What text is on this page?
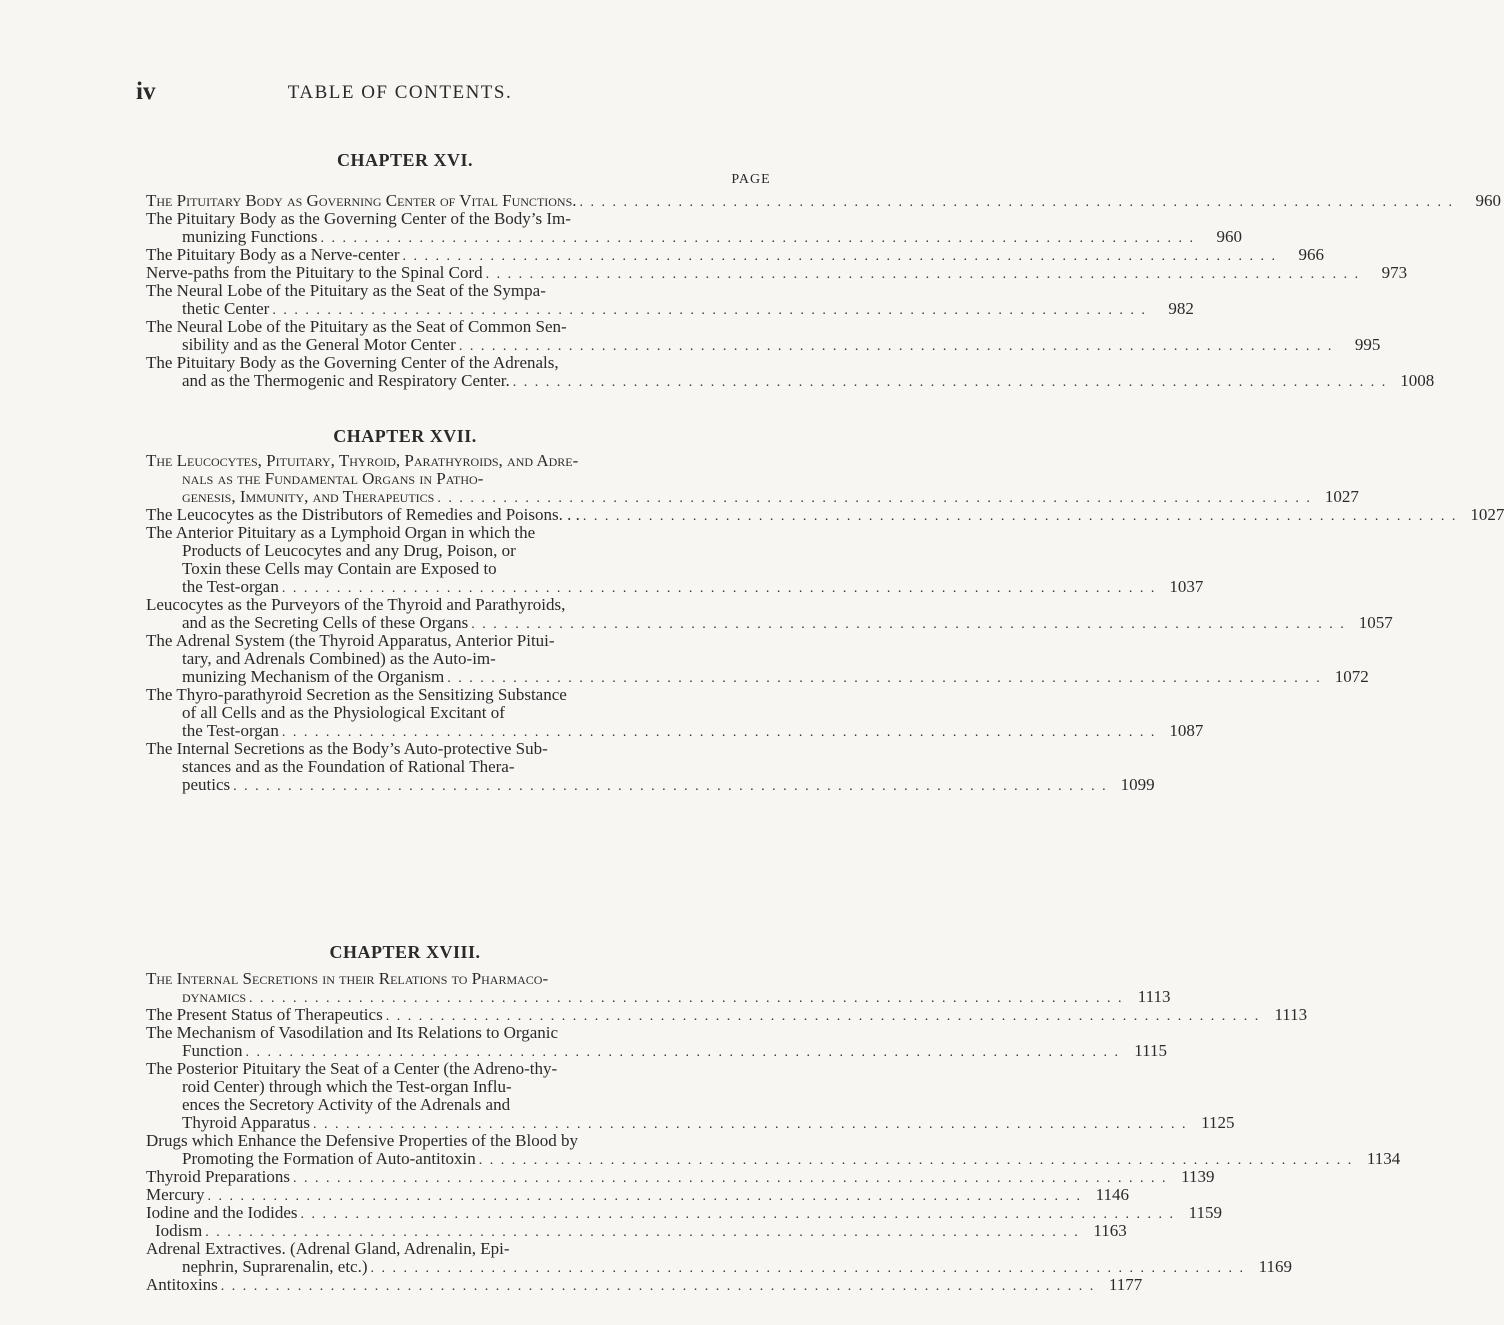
iv	TABLE OF CONTENTS.
CHAPTER XVI.
PAGE
The Pituitary Body as Governing Center of Vital Functions. . . . . . . . . . . . . . . . . . . . . . . . . . . . . . . . . . . . . . . . . . . . . . . . . . . . . . . . . . . . . . . . . . . . . . . . . . . . . . . . .	960
The Pituitary Body as the Governing Center of the Body’s Im-
munizing Functions . . . . . . . . . . . . . . . . . . . . . . . . . . . . . . . . . . . . . . . . . . . . . . . . . . . . . . . . . . . . . . . . . . . . . . . . . . . . . . . .	960
The Pituitary Body as a Nerve-center . . . . . . . . . . . . . . . . . . . . . . . . . . . . . . . . . . . . . . . . . . . . . . . . . . . . . . . . . . . . . . . . . . . . . . . . . . . . . . . .	966
Nerve-paths from the Pituitary to the Spinal Cord . . . . . . . . . . . . . . . . . . . . . . . . . . . . . . . . . . . . . . . . . . . . . . . . . . . . . . . . . . . . . . . . . . . . . . . . . . . . . . . .	973
The Neural Lobe of the Pituitary as the Seat of the Sympa-
thetic Center . . . . . . . . . . . . . . . . . . . . . . . . . . . . . . . . . . . . . . . . . . . . . . . . . . . . . . . . . . . . . . . . . . . . . . . . . . . . . . . .	982
The Neural Lobe of the Pituitary as the Seat of Common Sen-
sibility and as the General Motor Center . . . . . . . . . . . . . . . . . . . . . . . . . . . . . . . . . . . . . . . . . . . . . . . . . . . . . . . . . . . . . . . . . . . . . . . . . . . . . . . .	995
The Pituitary Body as the Governing Center of the Adrenals,
and as the Thermogenic and Respiratory Center. . . . . . . . . . . . . . . . . . . . . . . . . . . . . . . . . . . . . . . . . . . . . . . . . . . . . . . . . . . . . . . . . . . . . . . . . . . . . . . . . 1008
CHAPTER XVII.
The Leucocytes, Pituitary, Thyroid, Parathyroids, and Adre-
nals as the Fundamental Organs in Patho-
genesis, Immunity, and Therapeutics . . . . . . . . . . . . . . . . . . . . . . . . . . . . . . . . . . . . . . . . . . . . . . . . . . . . . . . . . . . . . . . . . . . . . . . . . . . . . . . . 1027
The Leucocytes as the Distributors of Remedies and Poisons. . . . . . . . . . . . . . . . . . . . . . . . . . . . . . . . . . . . . . . . . . . . . . . . . . . . . . . . . . . . . . . . . . . . . . . . . . . . . . . . . . . 1027
The Anterior Pituitary as a Lymphoid Organ in which the
Products of Leucocytes and any Drug, Poison, or
Toxin these Cells may Contain are Exposed to
the Test-organ . . . . . . . . . . . . . . . . . . . . . . . . . . . . . . . . . . . . . . . . . . . . . . . . . . . . . . . . . . . . . . . . . . . . . . . . . . . . . . . . 1037
Leucocytes as the Purveyors of the Thyroid and Parathyroids,
and as the Secreting Cells of these Organs . . . . . . . . . . . . . . . . . . . . . . . . . . . . . . . . . . . . . . . . . . . . . . . . . . . . . . . . . . . . . . . . . . . . . . . . . . . . . . . . 1057
The Adrenal System (the Thyroid Apparatus, Anterior Pitui-
tary, and Adrenals Combined) as the Auto-im-
munizing Mechanism of the Organism . . . . . . . . . . . . . . . . . . . . . . . . . . . . . . . . . . . . . . . . . . . . . . . . . . . . . . . . . . . . . . . . . . . . . . . . . . . . . . . . 1072
The Thyro-parathyroid Secretion as the Sensitizing Substance
of all Cells and as the Physiological Excitant of
the Test-organ . . . . . . . . . . . . . . . . . . . . . . . . . . . . . . . . . . . . . . . . . . . . . . . . . . . . . . . . . . . . . . . . . . . . . . . . . . . . . . . . 1087
The Internal Secretions as the Body’s Auto-protective Sub-
stances and as the Foundation of Rational Thera-
peutics . . . . . . . . . . . . . . . . . . . . . . . . . . . . . . . . . . . . . . . . . . . . . . . . . . . . . . . . . . . . . . . . . . . . . . . . . . . . . . . . 1099
CHAPTER XVIII.
The Internal Secretions in their Relations to Pharmaco-
dynamics . . . . . . . . . . . . . . . . . . . . . . . . . . . . . . . . . . . . . . . . . . . . . . . . . . . . . . . . . . . . . . . . . . . . . . . . . . . . . . . . 1113
The Present Status of Therapeutics . . . . . . . . . . . . . . . . . . . . . . . . . . . . . . . . . . . . . . . . . . . . . . . . . . . . . . . . . . . . . . . . . . . . . . . . . . . . . . . . 1113
The Mechanism of Vasodilation and Its Relations to Organic
Function . . . . . . . . . . . . . . . . . . . . . . . . . . . . . . . . . . . . . . . . . . . . . . . . . . . . . . . . . . . . . . . . . . . . . . . . . . . . . . . . 1115
The Posterior Pituitary the Seat of a Center (the Adreno-thy-
roid Center) through which the Test-organ Influ-
ences the Secretory Activity of the Adrenals and
Thyroid Apparatus . . . . . . . . . . . . . . . . . . . . . . . . . . . . . . . . . . . . . . . . . . . . . . . . . . . . . . . . . . . . . . . . . . . . . . . . . . . . . . . . 1125
Drugs which Enhance the Defensive Properties of the Blood by
Promoting the Formation of Auto-antitoxin . . . . . . . . . . . . . . . . . . . . . . . . . . . . . . . . . . . . . . . . . . . . . . . . . . . . . . . . . . . . . . . . . . . . . . . . . . . . . . . . 1134
Thyroid Preparations . . . . . . . . . . . . . . . . . . . . . . . . . . . . . . . . . . . . . . . . . . . . . . . . . . . . . . . . . . . . . . . . . . . . . . . . . . . . . . . . 1139
Mercury . . . . . . . . . . . . . . . . . . . . . . . . . . . . . . . . . . . . . . . . . . . . . . . . . . . . . . . . . . . . . . . . . . . . . . . . . . . . . . . . 1146
Iodine and the Iodides . . . . . . . . . . . . . . . . . . . . . . . . . . . . . . . . . . . . . . . . . . . . . . . . . . . . . . . . . . . . . . . . . . . . . . . . . . . . . . . . 1159
Iodism . . . . . . . . . . . . . . . . . . . . . . . . . . . . . . . . . . . . . . . . . . . . . . . . . . . . . . . . . . . . . . . . . . . . . . . . . . . . . . . . 1163
Adrenal Extractives. (Adrenal Gland, Adrenalin, Epi-
nephrin, Suprarenalin, etc.) . . . . . . . . . . . . . . . . . . . . . . . . . . . . . . . . . . . . . . . . . . . . . . . . . . . . . . . . . . . . . . . . . . . . . . . . . . . . . . . . 1169
Antitoxins . . . . . . . . . . . . . . . . . . . . . . . . . . . . . . . . . . . . . . . . . . . . . . . . . . . . . . . . . . . . . . . . . . . . . . . . . . . . . . . . 1177
